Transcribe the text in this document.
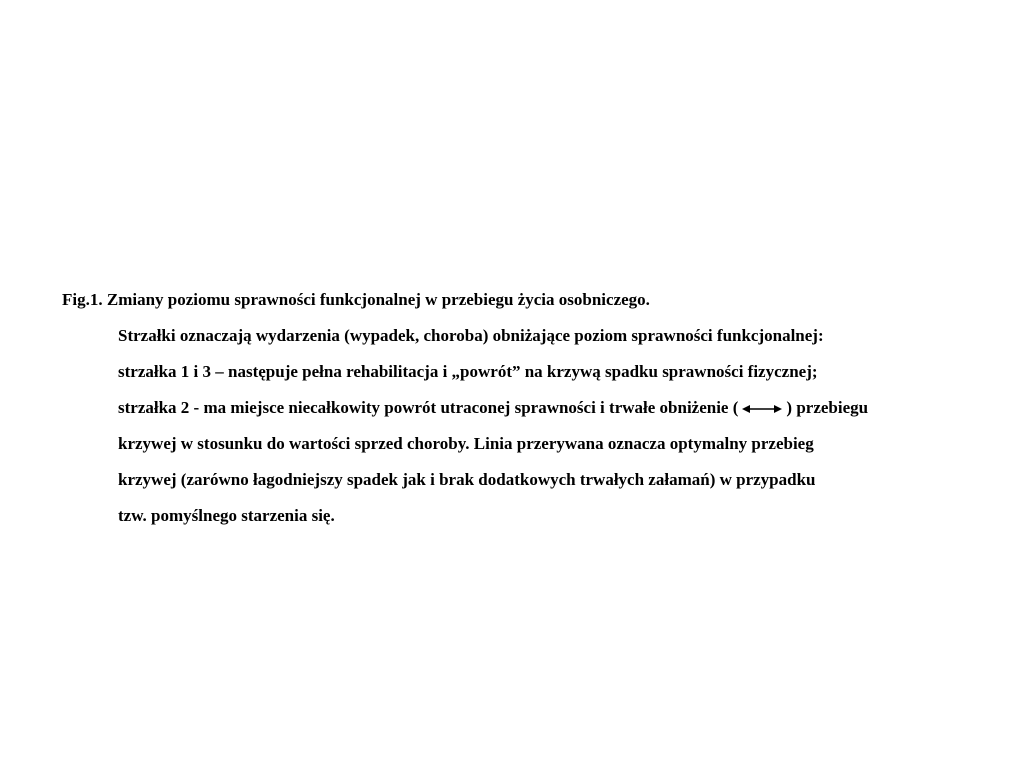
Fig.1. Zmiany poziomu sprawności funkcjonalnej w przebiegu życia osobniczego.
Strzałki oznaczają wydarzenia (wypadek, choroba) obniżające poziom sprawności funkcjonalnej:
strzałka 1 i 3 – następuje pełna rehabilitacja i „powrót” na krzywą spadku sprawności fizycznej;
strzałka 2 - ma miejsce niecałkowity powrót utraconej sprawności i trwałe obniżenie (	) przebiegu
krzywej w stosunku do wartości sprzed choroby. Linia przerywana oznacza optymalny przebieg
krzywej (zarówno łagodniejszy spadek jak i brak dodatkowych trwałych załamań) w przypadku
tzw. pomyślnego starzenia się.
